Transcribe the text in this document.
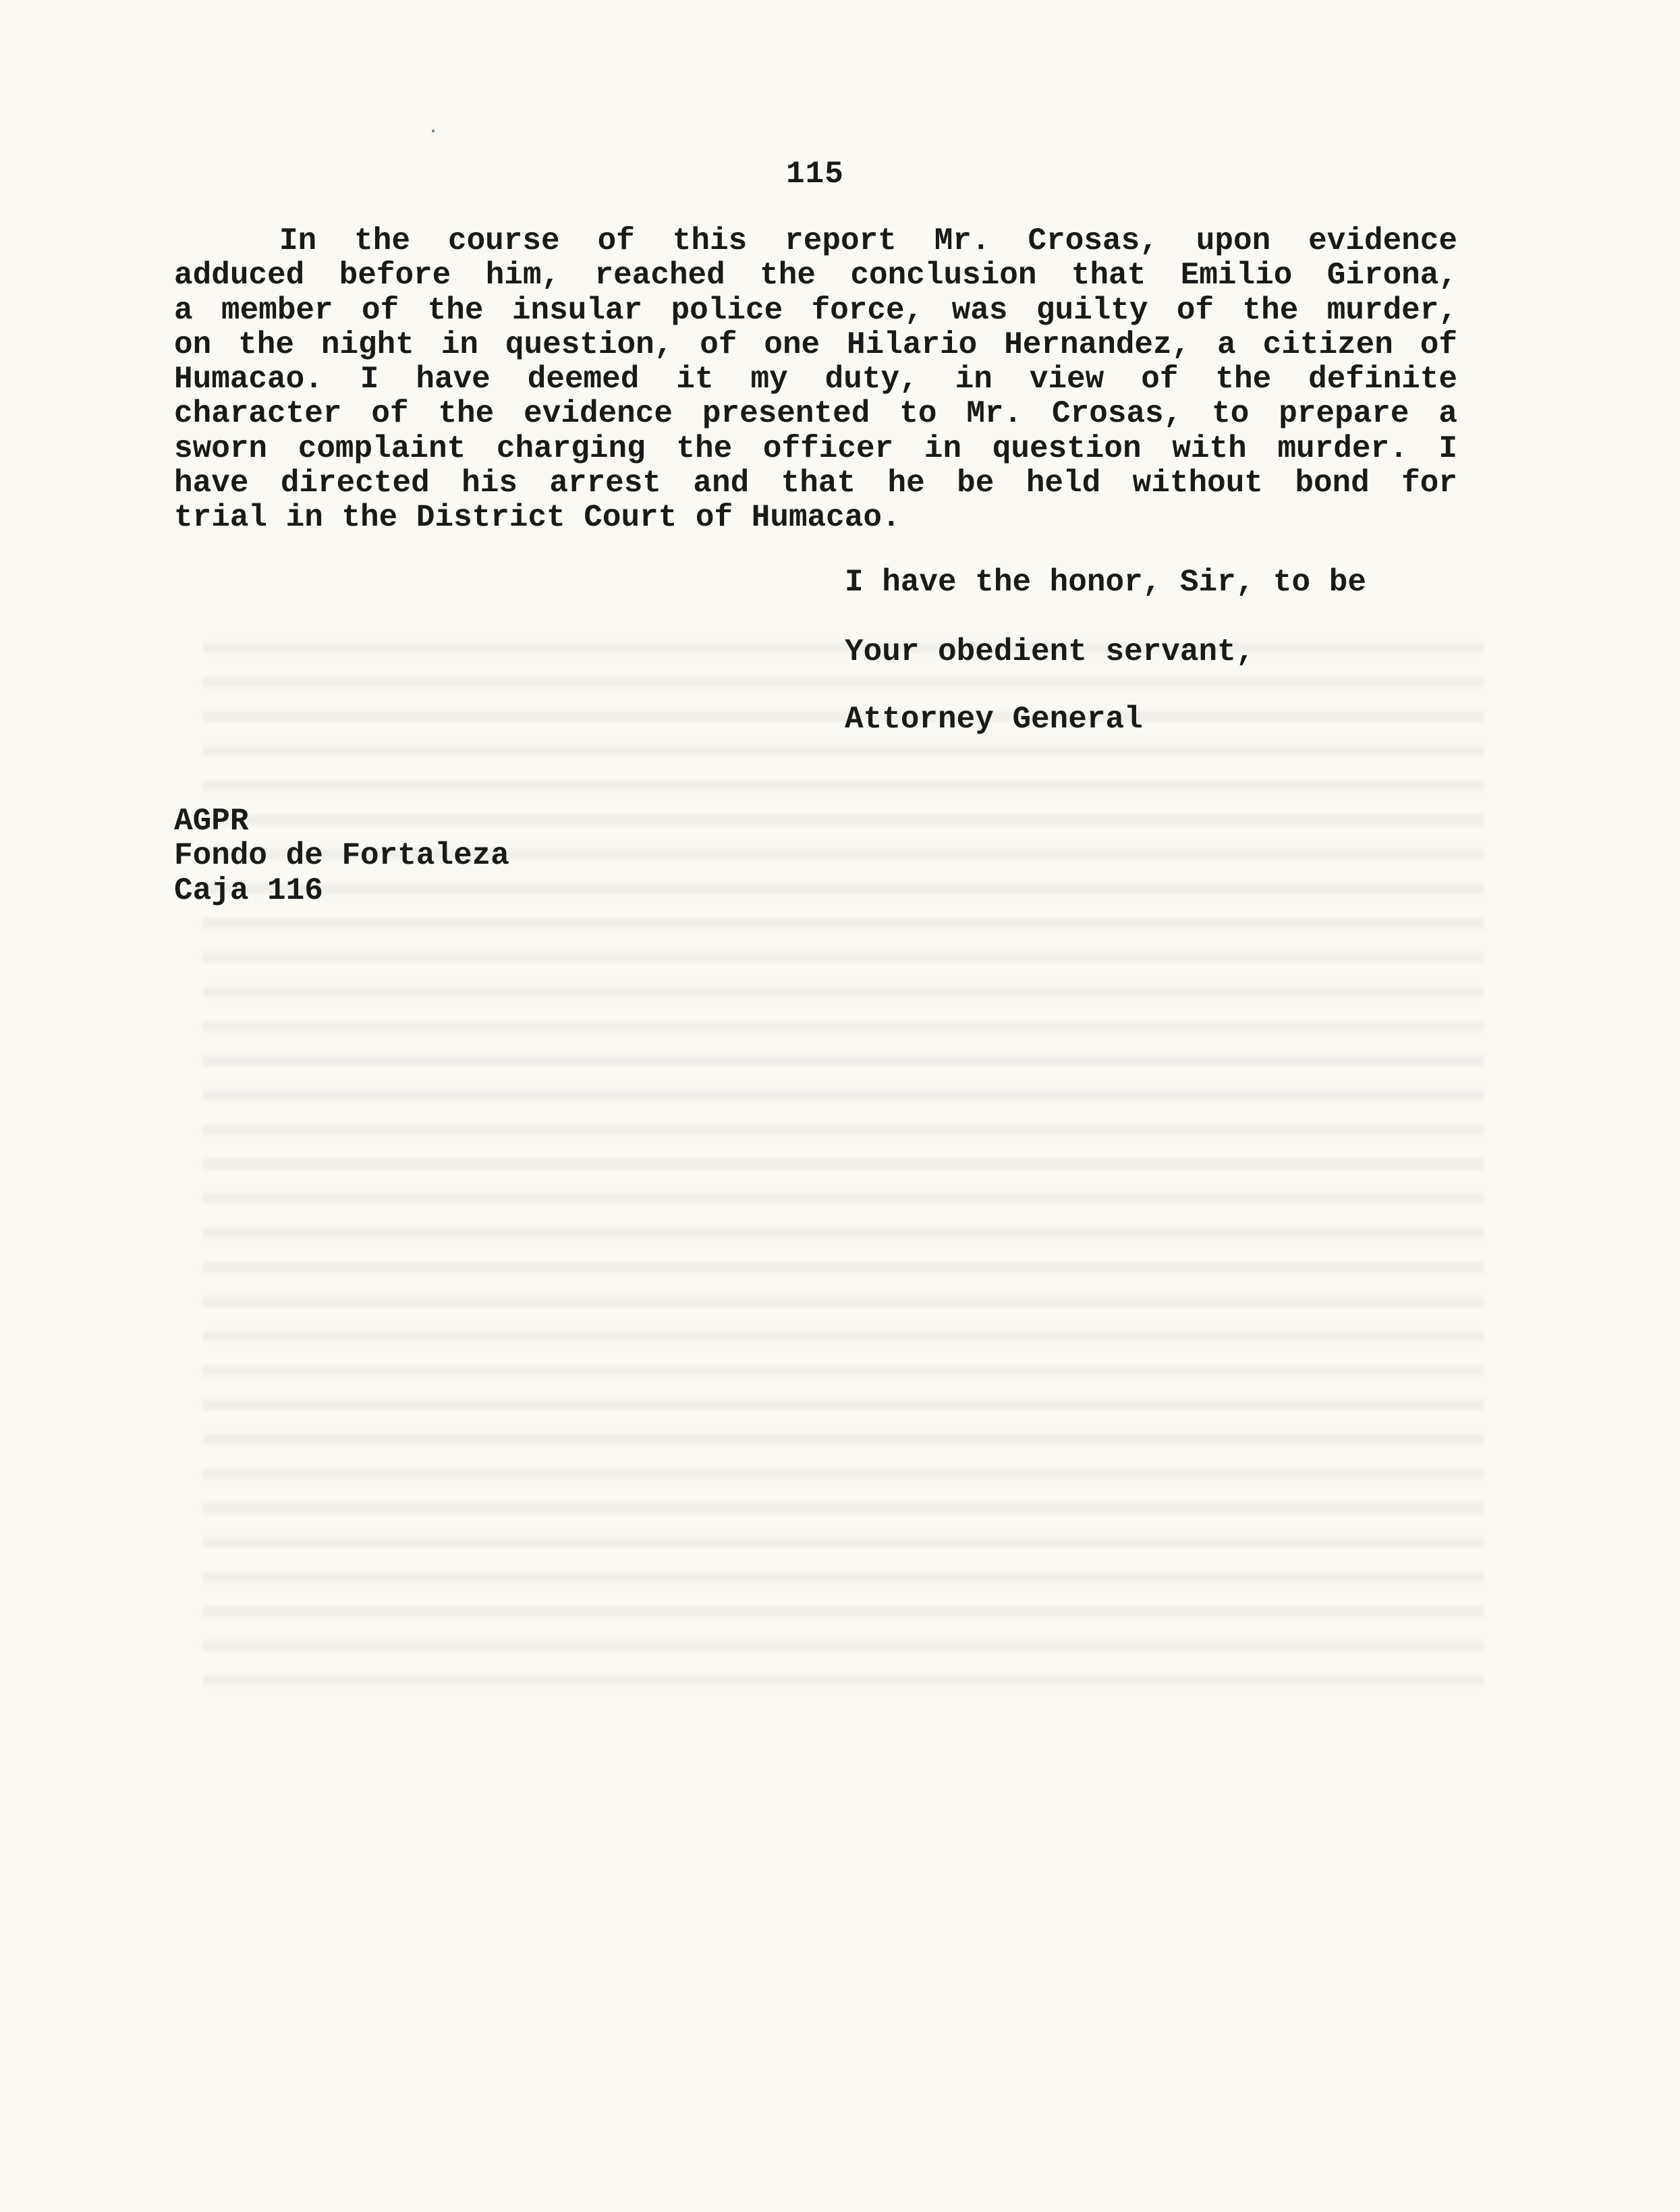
115
In the course of this report Mr. Crosas, upon evidence
adduced before him, reached the conclusion that Emilio Girona,
a member of the insular police force, was guilty of the murder,
on the night in question, of one Hilario Hernandez, a citizen of
Humacao. I have deemed it my duty, in view of the definite
character of the evidence presented to Mr. Crosas, to prepare a
sworn complaint charging the officer in question with murder. I
have directed his arrest and that he be held without bond for
trial in the District Court of Humacao.
I have the honor, Sir, to be
Your obedient servant,
Attorney General
AGPR
Fondo de Fortaleza
Caja 116
